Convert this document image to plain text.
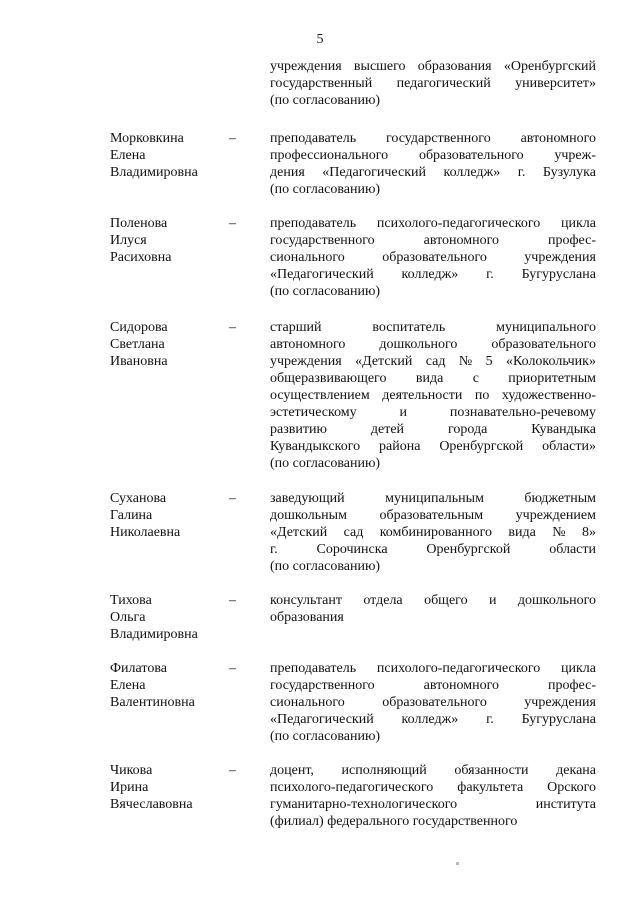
5

учреждения высшего образования «Оренбургский
государственный педагогический университет»
(по согласованию)
Морковкина
Елена
Владимировна
– преподаватель государственного автономного
профессионального образовательного учреж-
дения «Педагогический колледж» г. Бузулука
(по согласованию)
Поленова
Илуся
Расиховна
– преподаватель психолого-педагогического цикла
государственного	автономного	профес-
сионального	образовательного	учреждения
«Педагогический колледж» г. Бугуруслана
(по согласованию)
Сидорова
Светлана
Ивановна
– старший	воспитатель	муниципального
автономного дошкольного образовательного
учреждения «Детский сад № 5 «Колокольчик»
общеразвивающего вида с приоритетным
осуществлением деятельности по художественно-
эстетическому	и	познавательно-речевому
развитию	детей	города	Кувандыка
Кувандыкского района Оренбургской области»
(по согласованию)
Суханова
Галина
Николаевна
– заведующий	муниципальным	бюджетным
дошкольным образовательным учреждением
«Детский сад комбинированного вида № 8»
г.	Сорочинска	Оренбургской	области
(по согласованию)
Тихова
Ольга
Владимировна
– консультант отдела общего и дошкольного
образования
Филатова
Елена
Валентиновна
– преподаватель психолого-педагогического цикла
государственного	автономного	профес-
сионального	образовательного	учреждения
«Педагогический колледж» г. Бугуруслана
(по согласованию)
Чикова
Ирина
Вячеславовна
– доцент, исполняющий обязанности декана
психолого-педагогического факультета Орского
гуманитарно-технологического	института
(филиал) федерального государственного
